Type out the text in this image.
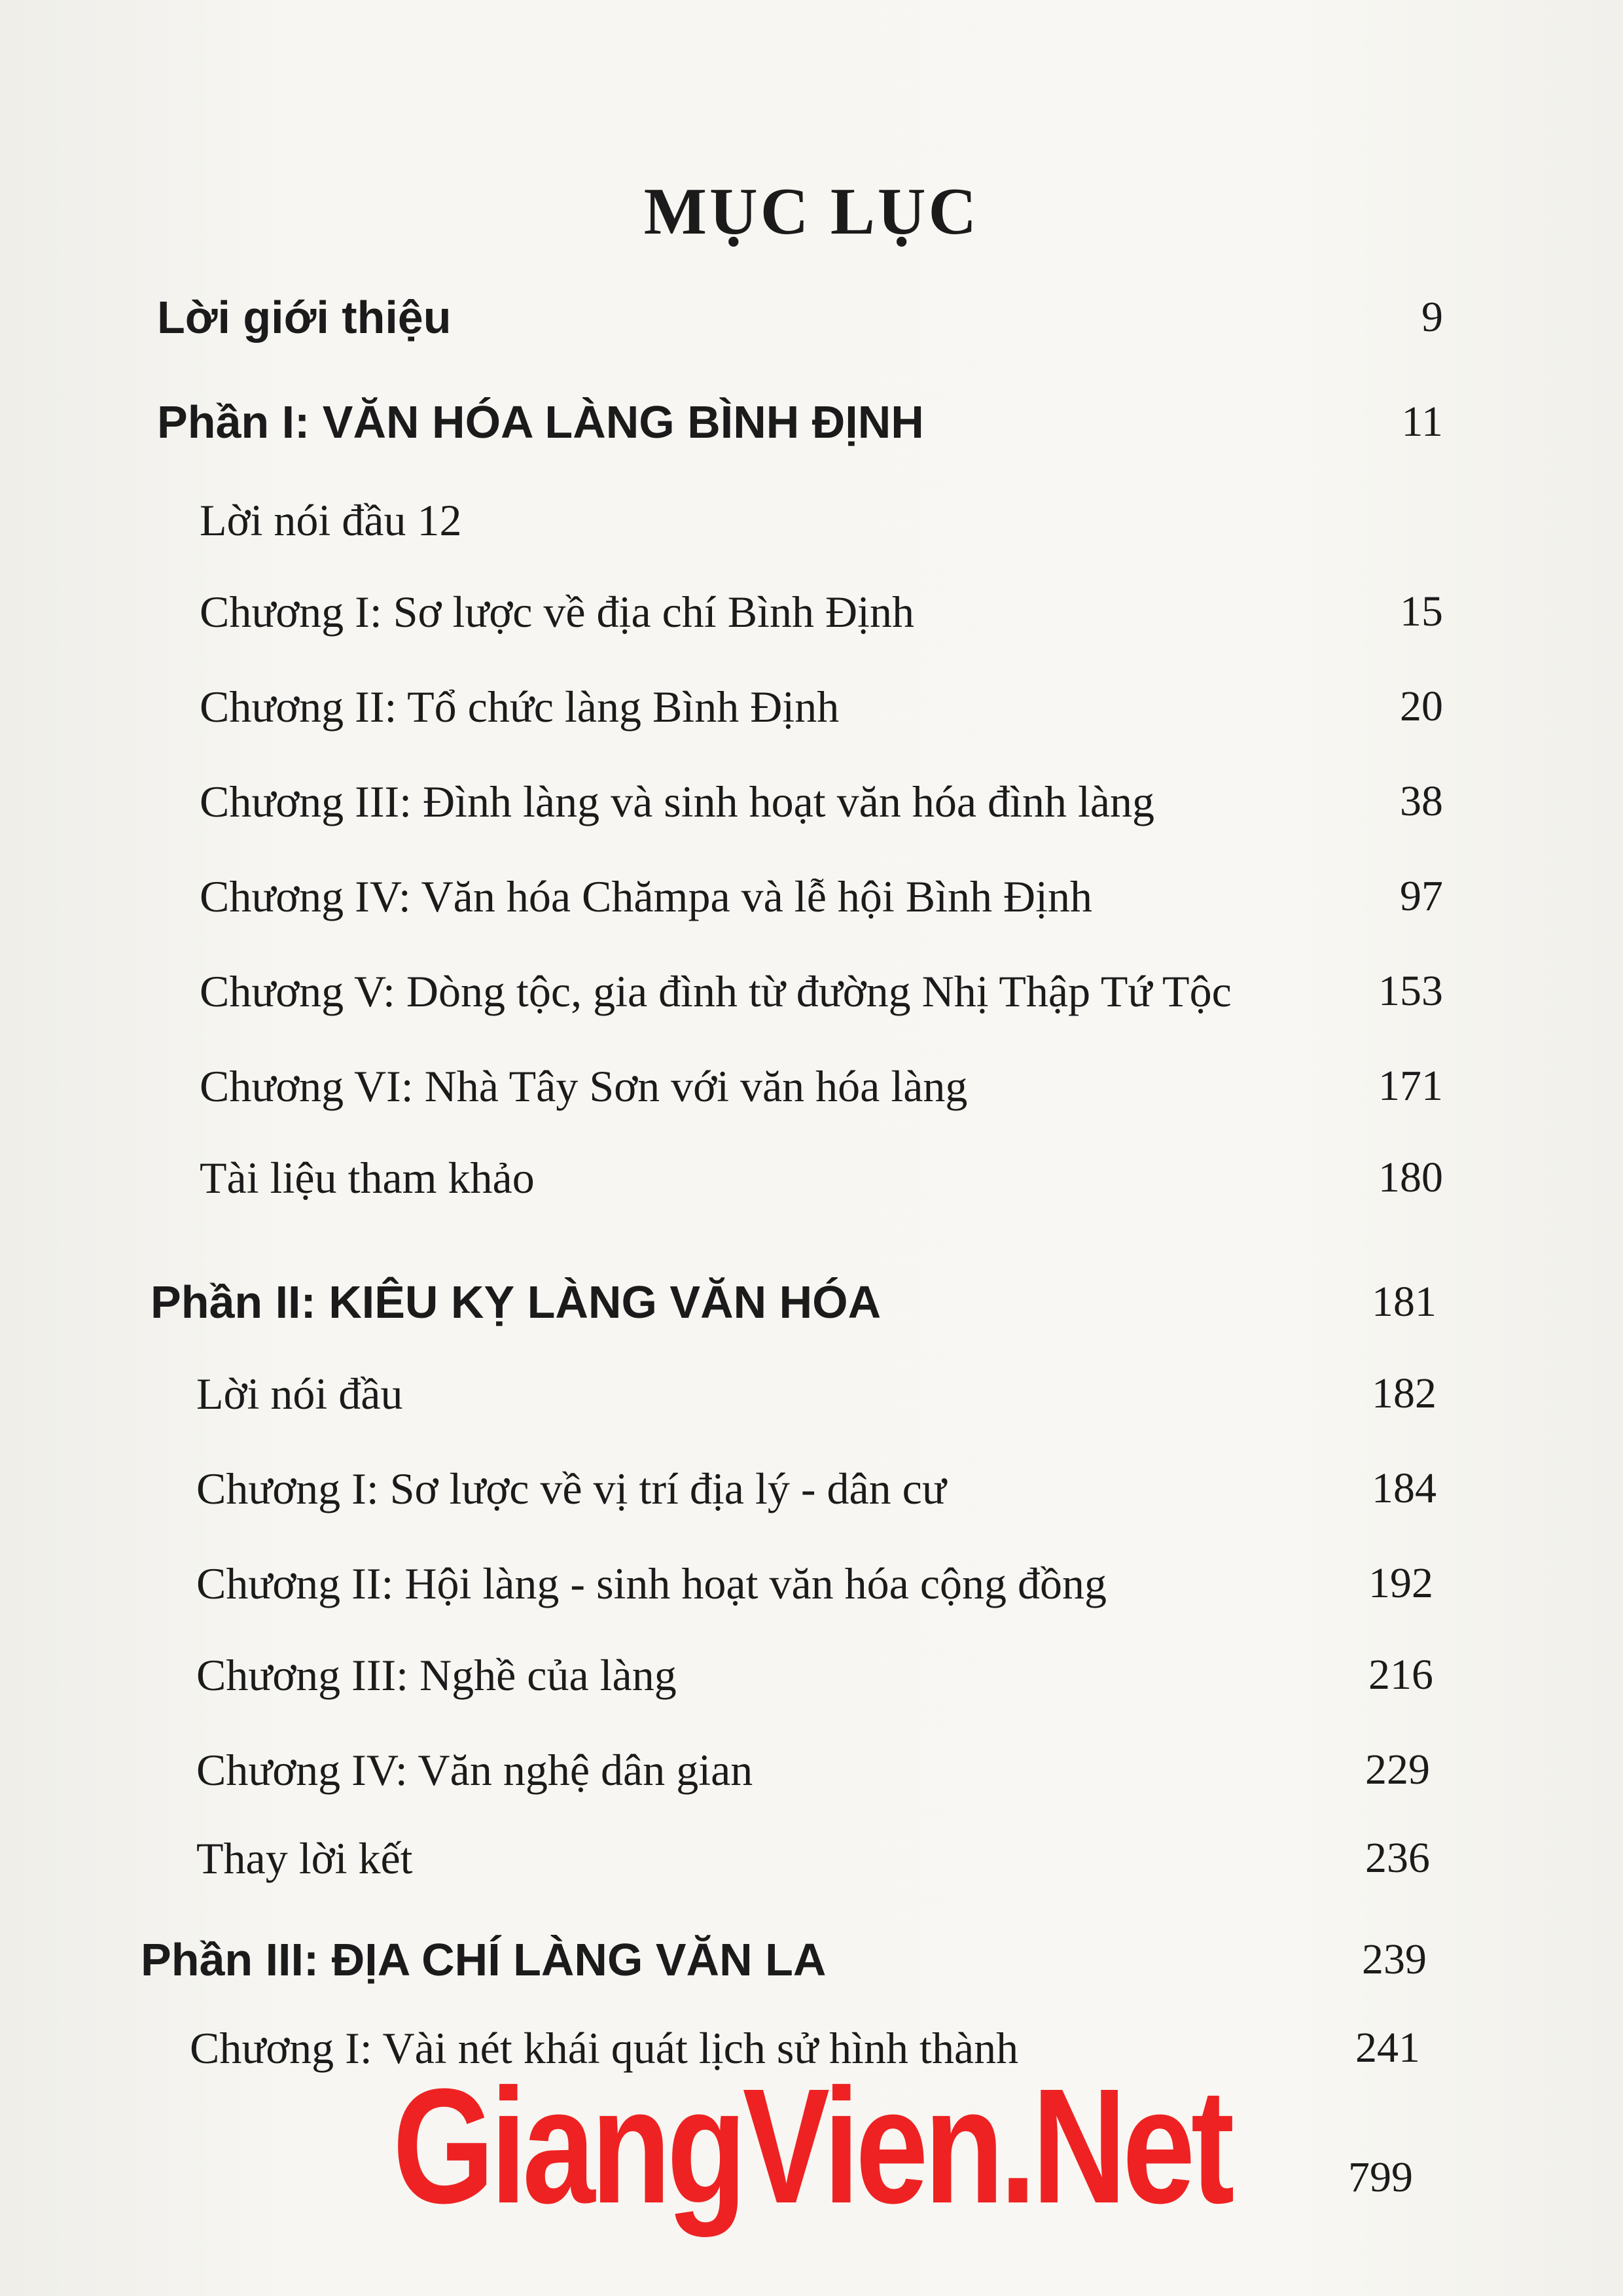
MỤC LỤC
Lời giới thiệu	9
Phần I: VĂN HÓA LÀNG BÌNH ĐỊNH	11
Lời nói đầu 12
Chương I: Sơ lược về địa chí Bình Định	15
Chương II: Tổ chức làng Bình Định	20
Chương III: Đình làng và sinh hoạt văn hóa đình làng	38
Chương IV: Văn hóa Chămpa và lễ hội Bình Định	97
Chương V: Dòng tộc, gia đình từ đường Nhị Thập Tứ Tộc	153
Chương VI: Nhà Tây Sơn với văn hóa làng	171
Tài liệu tham khảo	180
Phần II: KIÊU KỴ LÀNG VĂN HÓA	181
Lời nói đầu	182
Chương I: Sơ lược về vị trí địa lý - dân cư	184
Chương II: Hội làng - sinh hoạt văn hóa cộng đồng	192
Chương III: Nghề của làng	216
Chương IV: Văn nghệ dân gian	229
Thay lời kết	236
Phần III: ĐỊA CHÍ LÀNG VĂN LA	239
Chương I: Vài nét khái quát lịch sử hình thành	241
GiangVien.Net	799
